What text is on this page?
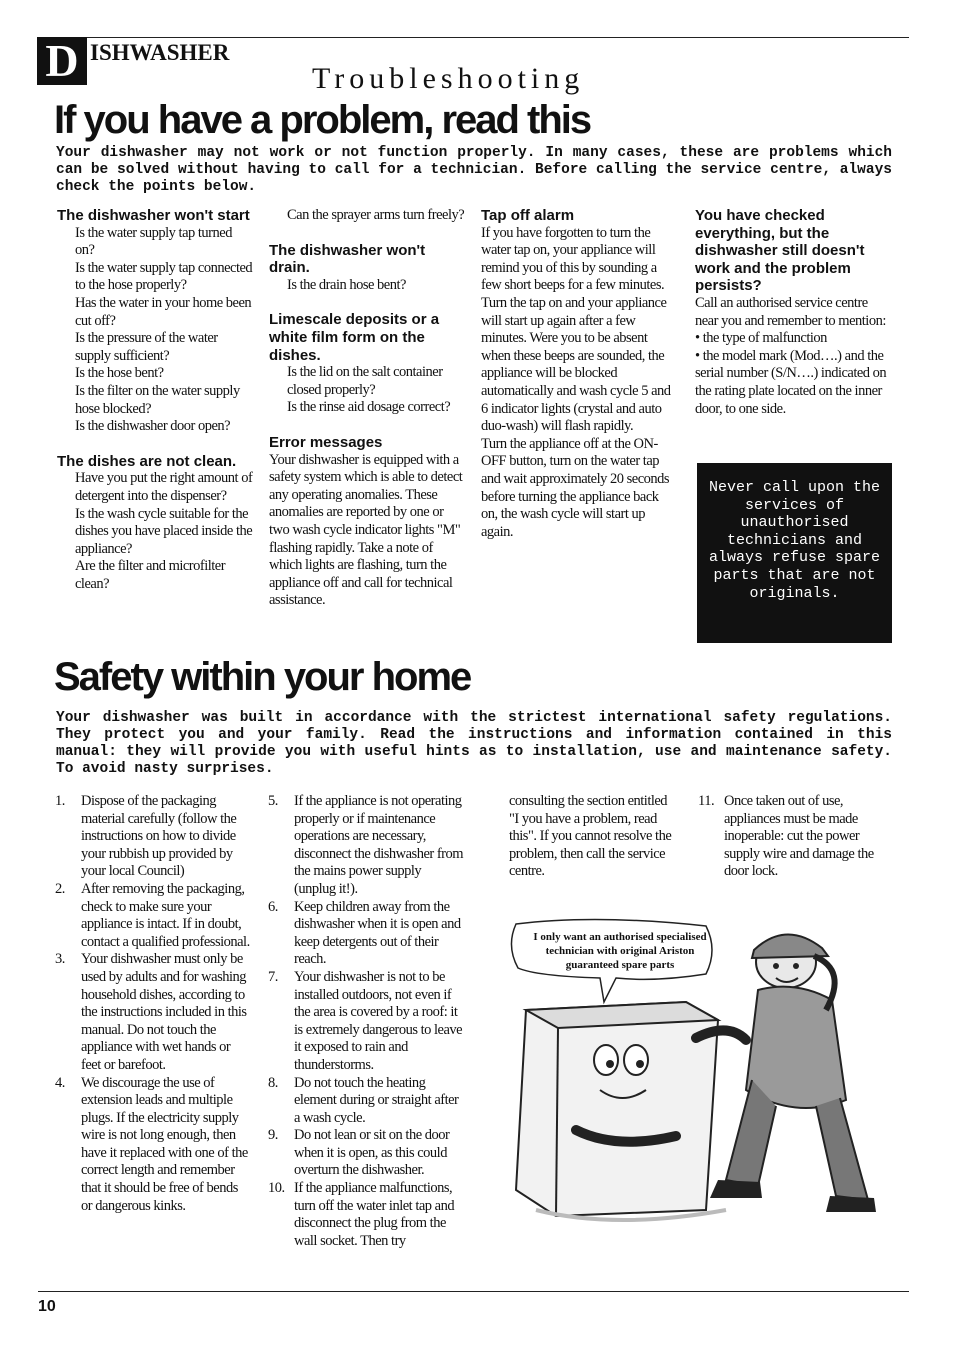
D ISHWASHER
Troubleshooting
If you have a problem, read this
Your dishwasher may not work or not function properly. In many cases, these are problems which can be solved without having to call for a technician. Before calling the service centre, always check the points below.
The dishwasher won't start

Is the water supply tap turned on?

Is the water supply tap connected to the hose properly?

Has the water in your home been cut off?

Is the pressure of the water supply sufficient?

Is the hose bent?

Is the filter on the water supply hose blocked?

Is the dishwasher door open?

The dishes are not clean.

Have you put the right amount of detergent into the dispenser?

Is the wash cycle suitable for the dishes you have placed inside the appliance?

Are the filter and microfilter clean?

Can the sprayer arms turn freely?

The dishwasher won't drain.

Is the drain hose bent?

Limescale deposits or a white film form on the dishes.

Is the lid on the salt container closed properly?

Is the rinse aid dosage correct?

Error messages

Your dishwasher is equipped with a safety system which is able to detect any operating anomalies. These anomalies are reported by one or two wash cycle indicator lights "M" flashing rapidly. Take a note of which lights are flashing, turn the appliance off and call for technical assistance.

Tap off alarm

If you have forgotten to turn the water tap on, your appliance will remind you of this by sounding a few short beeps for a few minutes. Turn the tap on and your appliance will start up again after a few minutes. Were you to be absent when these beeps are sounded, the appliance will be blocked automatically and wash cycle 5 and 6 indicator lights (crystal and auto duo-wash) will flash rapidly.

Turn the appliance off at the ON-OFF button, turn on the water tap and wait approximately 20 seconds before turning the appliance back on, the wash cycle will start up again.

You have checked everything, but the dishwasher still doesn't work and the problem persists?

Call an authorised service centre near you and remember to mention:

• the type of malfunction

• the model mark (Mod….) and the serial number (S/N….) indicated on the rating plate located on the inner door, to one side.

Never call upon the services of unauthorised technicians and always refuse spare parts that are not originals.
Safety within your home
Your dishwasher was built in accordance with the strictest international safety regulations. They protect you and your family. Read the instructions and information contained in this manual: they will provide you with useful hints as to installation, use and maintenance safety. To avoid nasty surprises.
1. Dispose of the packaging material carefully (follow the instructions on how to divide your rubbish up provided by your local Council)
2. After removing the packaging, check to make sure your appliance is intact. If in doubt, contact a qualified professional.
3. Your dishwasher must only be used by adults and for washing household dishes, according to the instructions included in this manual. Do not touch the appliance with wet hands or feet or barefoot.
4. We discourage the use of extension leads and multiple plugs. If the electricity supply wire is not long enough, then have it replaced with one of the correct length and remember that it should be free of bends or dangerous kinks.
5. If the appliance is not operating properly or if maintenance operations are necessary, disconnect the dishwasher from the mains power supply (unplug it!).
6. Keep children away from the dishwasher when it is open and keep detergents out of their reach.
7. Your dishwasher is not to be installed outdoors, not even if the area is covered by a roof: it is extremely dangerous to leave it exposed to rain and thunderstorms.
8. Do not touch the heating element during or straight after a wash cycle.
9. Do not lean or sit on the door when it is open, as this could overturn the dishwasher.
10. If the appliance malfunctions, turn off the water inlet tap and disconnect the plug from the wall socket. Then try

consulting the section entitled "I you have a problem, read this". If you cannot resolve the problem, then call the service centre.

11. Once taken out of use, appliances must be made inoperable: cut the power supply wire and damage the door lock.
I only want an authorised specialised technician with original Ariston guaranteed spare parts
10
